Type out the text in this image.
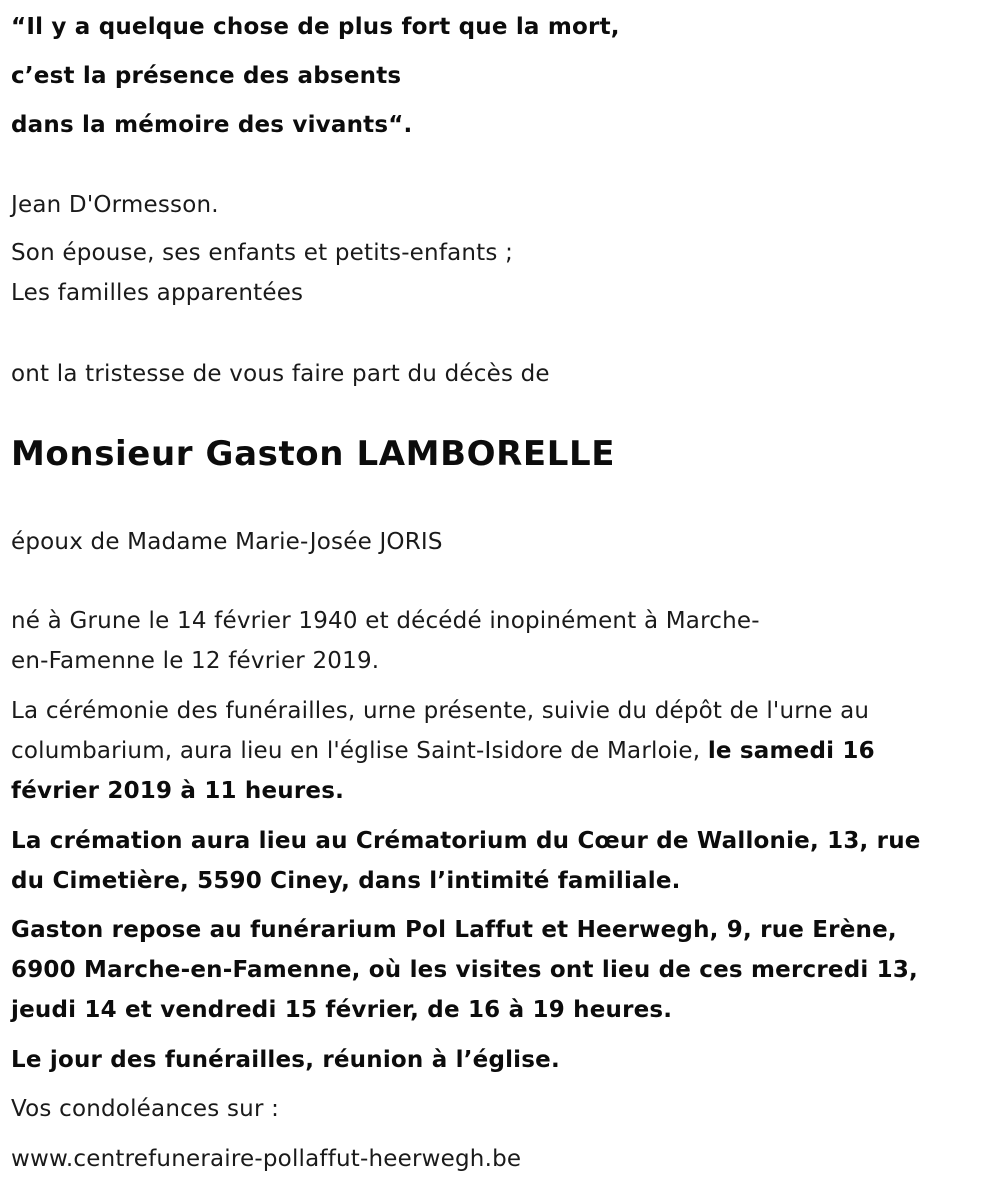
“Il y a quelque chose de plus fort que la mort,
c’est la présence des absents
dans la mémoire des vivants“.
Jean D'Ormesson.
Son épouse, ses enfants et petits-enfants ;
Les familles apparentées
ont la tristesse de vous faire part du décès de
Monsieur Gaston LAMBORELLE
époux de Madame Marie-Josée JORIS
né à Grune le 14 février 1940 et décédé inopinément à Marche-
en-Famenne le 12 février 2019.
La cérémonie des funérailles, urne présente, suivie du dépôt de l'urne au
columbarium, aura lieu en l'église Saint-Isidore de Marloie, le samedi 16
février 2019 à 11 heures.
La crémation aura lieu au Crématorium du Cœur de Wallonie, 13, rue
du Cimetière, 5590 Ciney, dans l’intimité familiale.
Gaston repose au funérarium Pol Laffut et Heerwegh, 9, rue Erène,
6900 Marche-en-Famenne, où les visites ont lieu de ces mercredi 13,
jeudi 14 et vendredi 15 février, de 16 à 19 heures.
Le jour des funérailles, réunion à l’église.
Vos condoléances sur :
www.centrefuneraire-pollaffut-heerwegh.be
